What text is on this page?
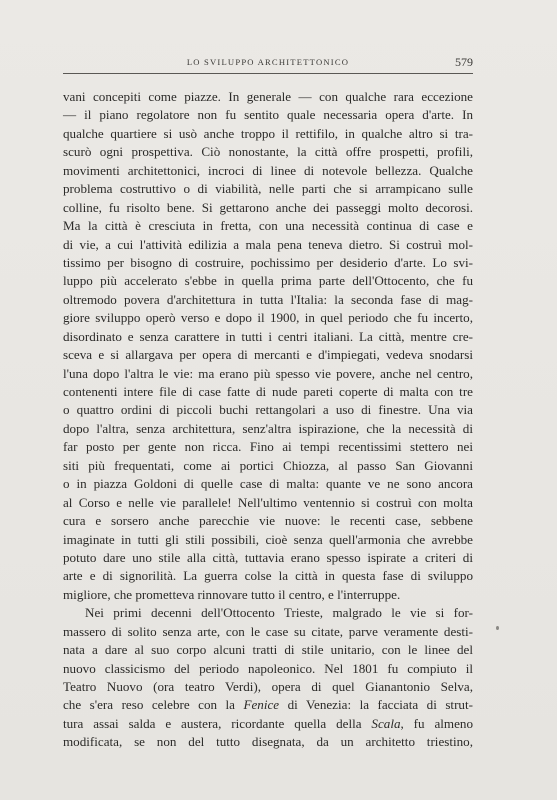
LO SVILUPPO ARCHITETTONICO	579
vani concepiti come piazze. In generale — con qualche rara eccezione
— il piano regolatore non fu sentito quale necessaria opera d'arte. In
qualche quartiere si usò anche troppo il rettifilo, in qualche altro si tra-
scurò ogni prospettiva. Ciò nonostante, la città offre prospetti, profili,
movimenti architettonici, incroci di linee di notevole bellezza. Qualche
problema costruttivo o di viabilità, nelle parti che si arrampicano sulle
colline, fu risolto bene. Si gettarono anche dei passeggi molto decorosi.
Ma la città è cresciuta in fretta, con una necessità continua di case e
di vie, a cui l'attività edilizia a mala pena teneva dietro. Si costruì mol-
tissimo per bisogno di costruire, pochissimo per desiderio d'arte. Lo svi-
luppo più accelerato s'ebbe in quella prima parte dell'Ottocento, che fu
oltremodo povera d'architettura in tutta l'Italia: la seconda fase di mag-
giore sviluppo operò verso e dopo il 1900, in quel periodo che fu incerto,
disordinato e senza carattere in tutti i centri italiani. La città, mentre cre-
sceva e si allargava per opera di mercanti e d'impiegati, vedeva snodarsi
l'una dopo l'altra le vie: ma erano più spesso vie povere, anche nel centro,
contenenti intere file di case fatte di nude pareti coperte di malta con tre
o quattro ordini di piccoli buchi rettangolari a uso di finestre. Una via
dopo l'altra, senza architettura, senz'altra ispirazione, che la necessità di
far posto per gente non ricca. Fino ai tempi recentissimi stettero nei
siti più frequentati, come ai portici Chiozza, al passo San Giovanni
o in piazza Goldoni di quelle case di malta: quante ve ne sono ancora
al Corso e nelle vie parallele! Nell'ultimo ventennio si costruì con molta
cura e sorsero anche parecchie vie nuove: le recenti case, sebbene
imaginate in tutti gli stili possibili, cioè senza quell'armonia che avrebbe
potuto dare uno stile alla città, tuttavia erano spesso ispirate a criteri di
arte e di signorilità. La guerra colse la città in questa fase di sviluppo
migliore, che prometteva rinnovare tutto il centro, e l'interruppe.
Nei primi decenni dell'Ottocento Trieste, malgrado le vie si for-
massero di solito senza arte, con le case su citate, parve veramente desti-
nata a dare al suo corpo alcuni tratti di stile unitario, con le linee del
nuovo classicismo del periodo napoleonico. Nel 1801 fu compiuto il
Teatro Nuovo (ora teatro Verdi), opera di quel Gianantonio Selva,
che s'era reso celebre con la Fenice di Venezia: la facciata di strut-
tura assai salda e austera, ricordante quella della Scala, fu almeno
modificata, se non del tutto disegnata, da un architetto triestino,
